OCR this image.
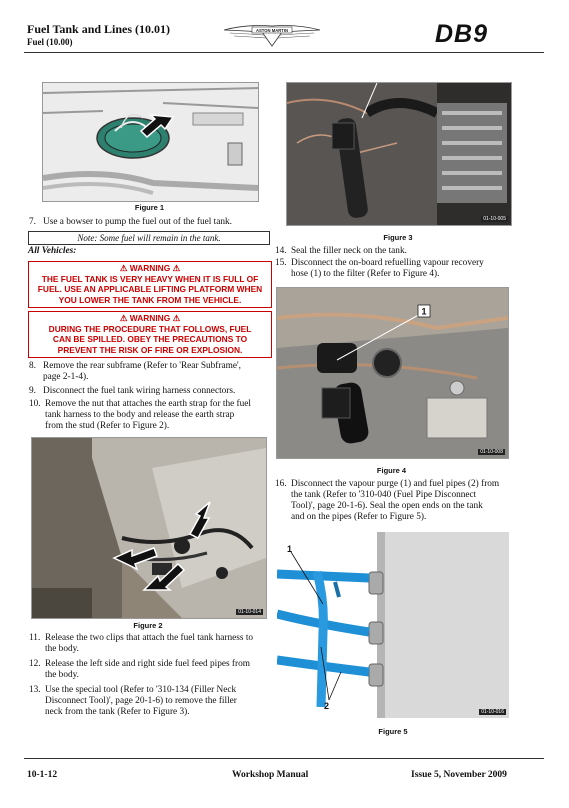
Fuel Tank and Lines (10.01)
Fuel (10.00)
ASTON MARTIN	DB9
Figure 1
7. Use a bowser to pump the fuel out of the fuel tank.
Note: Some fuel will remain in the tank.
All Vehicles:
⚠ WARNING ⚠
THE FUEL TANK IS VERY HEAVY WHEN IT IS FULL OF
FUEL. USE AN APPLICABLE LIFTING PLATFORM WHEN
YOU LOWER THE TANK FROM THE VEHICLE.
⚠ WARNING ⚠
DURING THE PROCEDURE THAT FOLLOWS, FUEL
CAN BE SPILLED. OBEY THE PRECAUTIONS TO
PREVENT THE RISK OF FIRE OR EXPLOSION.
8. Remove the rear subframe (Refer to 'Rear Subframe',
page 2-1-4).
9. Disconnect the fuel tank wiring harness connectors.
10. Remove the nut that attaches the earth strap for the fuel
tank harness to the body and release the earth strap
from the stud (Refer to Figure 2).
01-10-014
Figure 2
11. Release the two clips that attach the fuel tank harness to
the body.
12. Release the left side and right side fuel feed pipes from
the body.
13. Use the special tool (Refer to '310-134 (Filler Neck
Disconnect Tool)', page 20-1-6) to remove the filler
neck from the tank (Refer to Figure 3).
01-10-005
Figure 3
14. Seal the filler neck on the tank.
15. Disconnect the on-board refuelling vapour recovery
hose (1) to the filter (Refer to Figure 4).
1
01-10-008
Figure 4
16. Disconnect the vapour purge (1) and fuel pipes (2) from
the tank (Refer to '310-040 (Fuel Pipe Disconnect
Tool)', page 20-1-6). Seal the open ends on the tank
and on the pipes (Refer to Figure 5).
1
2
01-10-016
Figure 5
10-1-12	Workshop Manual	Issue 5, November 2009
